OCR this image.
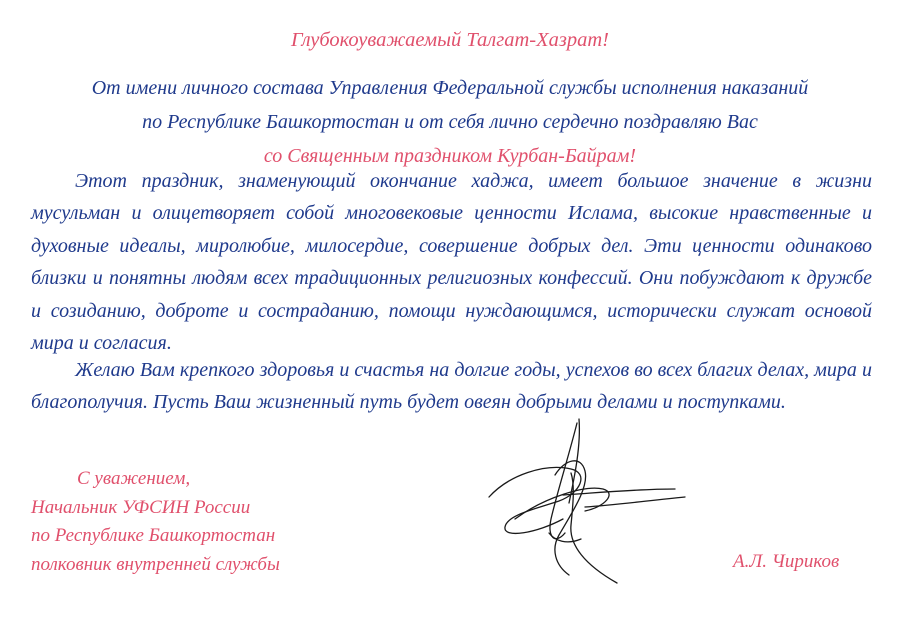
Глубокоуважаемый Талгат-Хазрат!

От имени личного состава Управления Федеральной службы исполнения наказаний
по Республике Башкортостан и от себя лично сердечно поздравляю Вас
со Священным праздником Курбан-Байрам!

Этот праздник, знаменующий окончание хаджа, имеет большое значение в жизни мусульман и олицетворяет собой многовековые ценности Ислама, высокие нравственные и духовные идеалы, миролюбие, милосердие, совершение добрых дел. Эти ценности одинаково близки и понятны людям всех традиционных религиозных конфессий. Они побуждают к дружбе и созиданию, доброте и состраданию, помощи нуждающимся, исторически служат основой мира и согласия.

Желаю Вам крепкого здоровья и счастья на долгие годы, успехов во всех благих делах, мира и благополучия. Пусть Ваш жизненный путь будет овеян добрыми делами и поступками.

С уважением,
Начальник УФСИН России
по Республике Башкортостан
полковник внутренней службы	А.Л. Чириков
